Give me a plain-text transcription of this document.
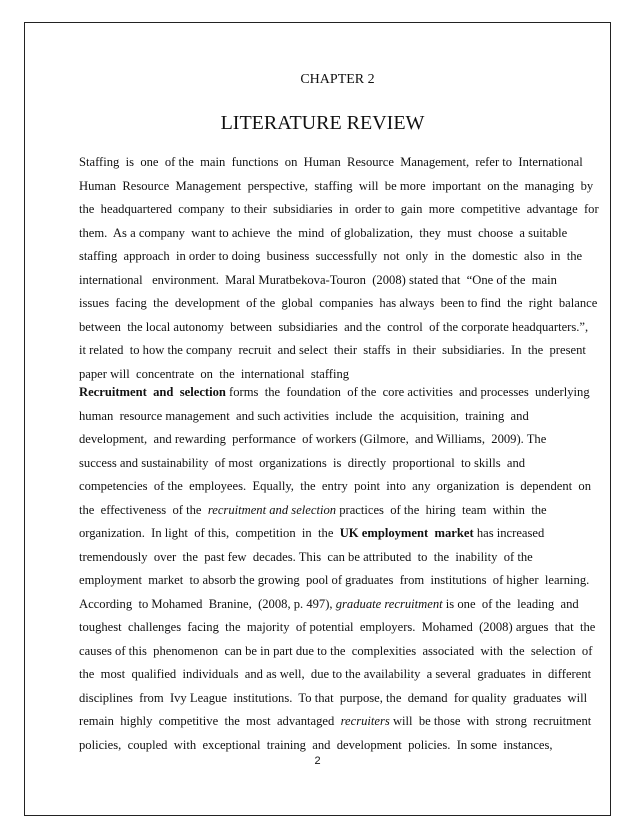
CHAPTER 2
LITERATURE REVIEW
Staffing  is  one  of the  main  functions  on  Human  Resource  Management,  refer to  International
Human  Resource  Management  perspective,  staffing  will  be more  important  on the  managing  by
the  headquartered  company  to their  subsidiaries  in  order to  gain  more  competitive  advantage  for
them.  As a company  want to achieve  the  mind  of globalization,  they  must  choose  a suitable
staffing  approach  in order to doing  business  successfully  not  only  in  the  domestic  also  in  the
international   environment.  Maral Muratbekova-Touron  (2008) stated that  “One of the  main
issues  facing  the  development  of the  global  companies  has always  been to find  the  right  balance
between  the local autonomy  between  subsidiaries  and the  control  of the corporate headquarters.”,
it related  to how the company  recruit  and select  their  staffs  in  their  subsidiaries.  In  the  present
paper will  concentrate  on  the  international  staffing
Recruitment  and  selection forms  the  foundation  of the  core activities  and processes  underlying
human  resource management  and such activities  include  the  acquisition,  training  and
development,  and rewarding  performance  of workers (Gilmore,  and Williams,  2009). The
success and sustainability  of most  organizations  is  directly  proportional  to skills  and
competencies  of the  employees.  Equally,  the  entry  point  into  any  organization  is  dependent  on
the  effectiveness  of the  recruitment and selection practices  of the  hiring  team  within  the
organization.  In light  of this,  competition  in  the  UK employment  market has increased
tremendously  over  the  past few  decades. This  can be attributed  to  the  inability  of the
employment  market  to absorb the growing  pool of graduates  from  institutions  of higher  learning.
According  to Mohamed  Branine,  (2008, p. 497), graduate recruitment is one  of the  leading  and
toughest  challenges  facing  the  majority  of potential  employers.  Mohamed  (2008) argues  that  the
causes of this  phenomenon  can be in part due to the  complexities  associated  with  the  selection  of
the  most  qualified  individuals  and as well,  due to the availability  a several  graduates  in  different
disciplines  from  Ivy League  institutions.  To that  purpose, the  demand  for quality  graduates  will
remain  highly  competitive  the  most  advantaged  recruiters will  be those  with  strong  recruitment
policies,  coupled  with  exceptional  training  and  development  policies.  In some  instances,
2
